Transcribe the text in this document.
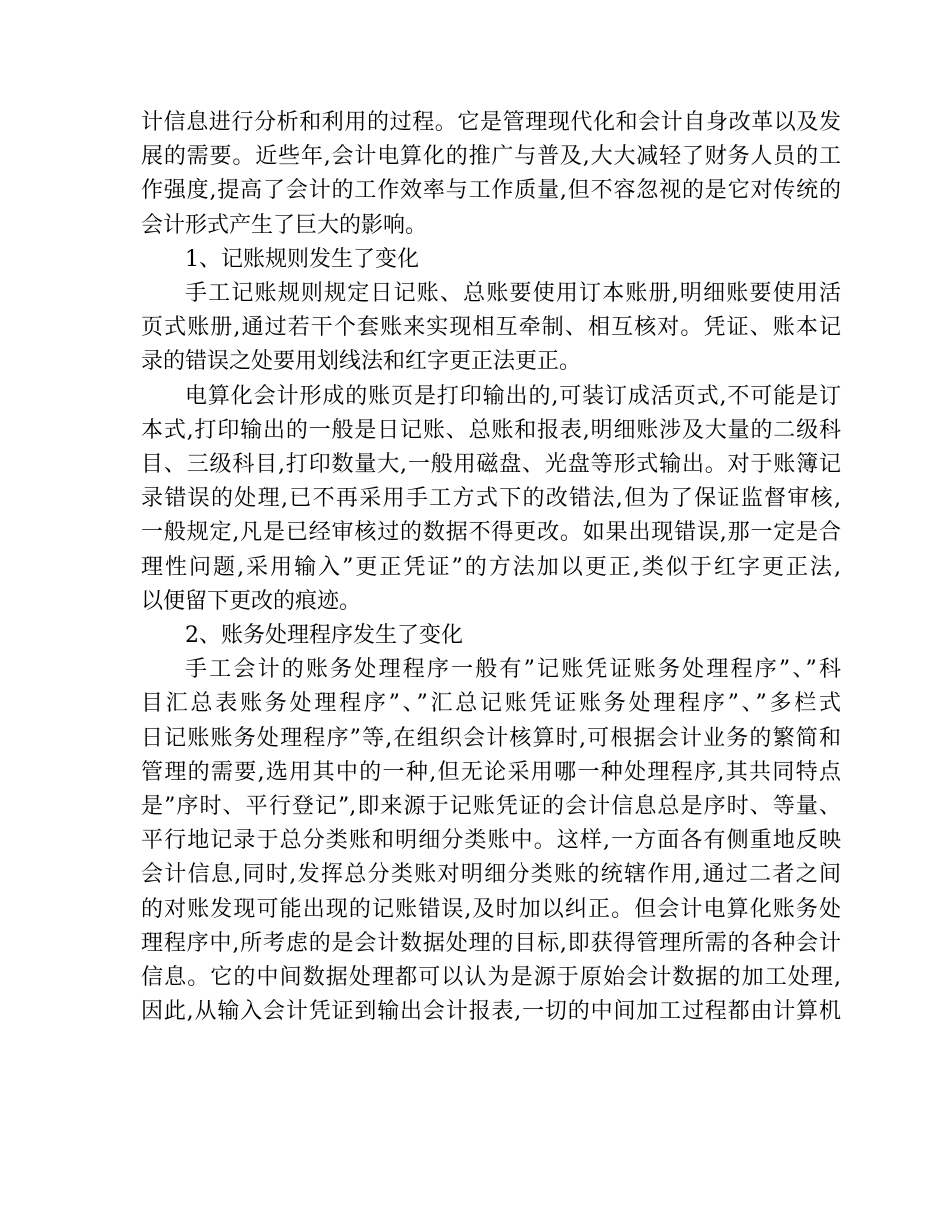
计信息进行分析和利用的过程。它是管理现代化和会计自身改革以及发
展的需要。近些年,会计电算化的推广与普及,大大减轻了财务人员的工
作强度,提高了会计的工作效率与工作质量,但不容忽视的是它对传统的
会计形式产生了巨大的影响。
1、记账规则发生了变化
手工记账规则规定日记账、总账要使用订本账册,明细账要使用活
页式账册,通过若干个套账来实现相互牵制、相互核对。凭证、账本记
录的错误之处要用划线法和红字更正法更正。
电算化会计形成的账页是打印输出的,可装订成活页式,不可能是订
本式,打印输出的一般是日记账、总账和报表,明细账涉及大量的二级科
目、三级科目,打印数量大,一般用磁盘、光盘等形式输出。对于账簿记
录错误的处理,已不再采用手工方式下的改错法,但为了保证监督审核,
一般规定,凡是已经审核过的数据不得更改。如果出现错误,那一定是合
理性问题,采用输入”更正凭证”的方法加以更正,类似于红字更正法,
以便留下更改的痕迹。
2、账务处理程序发生了变化
手工会计的账务处理程序一般有”记账凭证账务处理程序”、”科
目汇总表账务处理程序”、”汇总记账凭证账务处理程序”、”多栏式
日记账账务处理程序”等,在组织会计核算时,可根据会计业务的繁简和
管理的需要,选用其中的一种,但无论采用哪一种处理程序,其共同特点
是”序时、平行登记”,即来源于记账凭证的会计信息总是序时、等量、
平行地记录于总分类账和明细分类账中。这样,一方面各有侧重地反映
会计信息,同时,发挥总分类账对明细分类账的统辖作用,通过二者之间
的对账发现可能出现的记账错误,及时加以纠正。但会计电算化账务处
理程序中,所考虑的是会计数据处理的目标,即获得管理所需的各种会计
信息。它的中间数据处理都可以认为是源于原始会计数据的加工处理,
因此,从输入会计凭证到输出会计报表,一切的中间加工过程都由计算机
